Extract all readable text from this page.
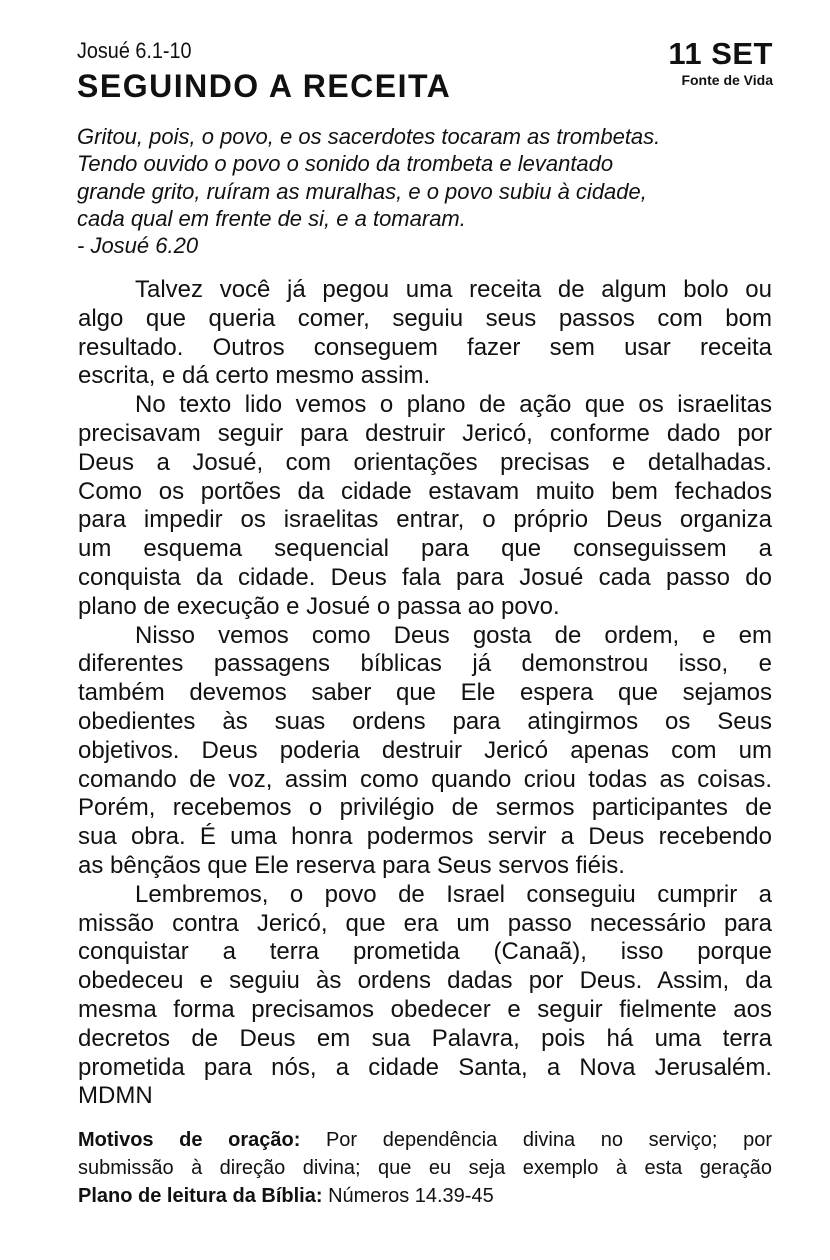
Josué 6.1-10
SEGUINDO A RECEITA
11 SET
Fonte de Vida
Gritou, pois, o povo, e os sacerdotes tocaram as trombetas.
Tendo ouvido o povo o sonido da trombeta e levantado
grande grito, ruíram as muralhas, e o povo subiu à cidade,
cada qual em frente de si, e a tomaram.
- Josué 6.20
Talvez você já pegou uma receita de algum bolo ou
algo que queria comer, seguiu seus passos com bom
resultado. Outros conseguem fazer sem usar receita
escrita, e dá certo mesmo assim.
No texto lido vemos o plano de ação que os israelitas
precisavam seguir para destruir Jericó, conforme dado por
Deus a Josué, com orientações precisas e detalhadas.
Como os portões da cidade estavam muito bem fechados
para impedir os israelitas entrar, o próprio Deus organiza
um esquema sequencial para que conseguissem a
conquista da cidade. Deus fala para Josué cada passo do
plano de execução e Josué o passa ao povo.
Nisso vemos como Deus gosta de ordem, e em
diferentes passagens bíblicas já demonstrou isso, e
também devemos saber que Ele espera que sejamos
obedientes às suas ordens para atingirmos os Seus
objetivos. Deus poderia destruir Jericó apenas com um
comando de voz, assim como quando criou todas as coisas.
Porém, recebemos o privilégio de sermos participantes de
sua obra. É uma honra podermos servir a Deus recebendo
as bênçãos que Ele reserva para Seus servos fiéis.
Lembremos, o povo de Israel conseguiu cumprir a
missão contra Jericó, que era um passo necessário para
conquistar a terra prometida (Canaã), isso porque
obedeceu e seguiu às ordens dadas por Deus. Assim, da
mesma forma precisamos obedecer e seguir fielmente aos
decretos de Deus em sua Palavra, pois há uma terra
prometida para nós, a cidade Santa, a Nova Jerusalém.
MDMN
Motivos de oração: Por dependência divina no serviço; por
submissão à direção divina; que eu seja exemplo à esta geração
Plano de leitura da Bíblia: Números 14.39-45
